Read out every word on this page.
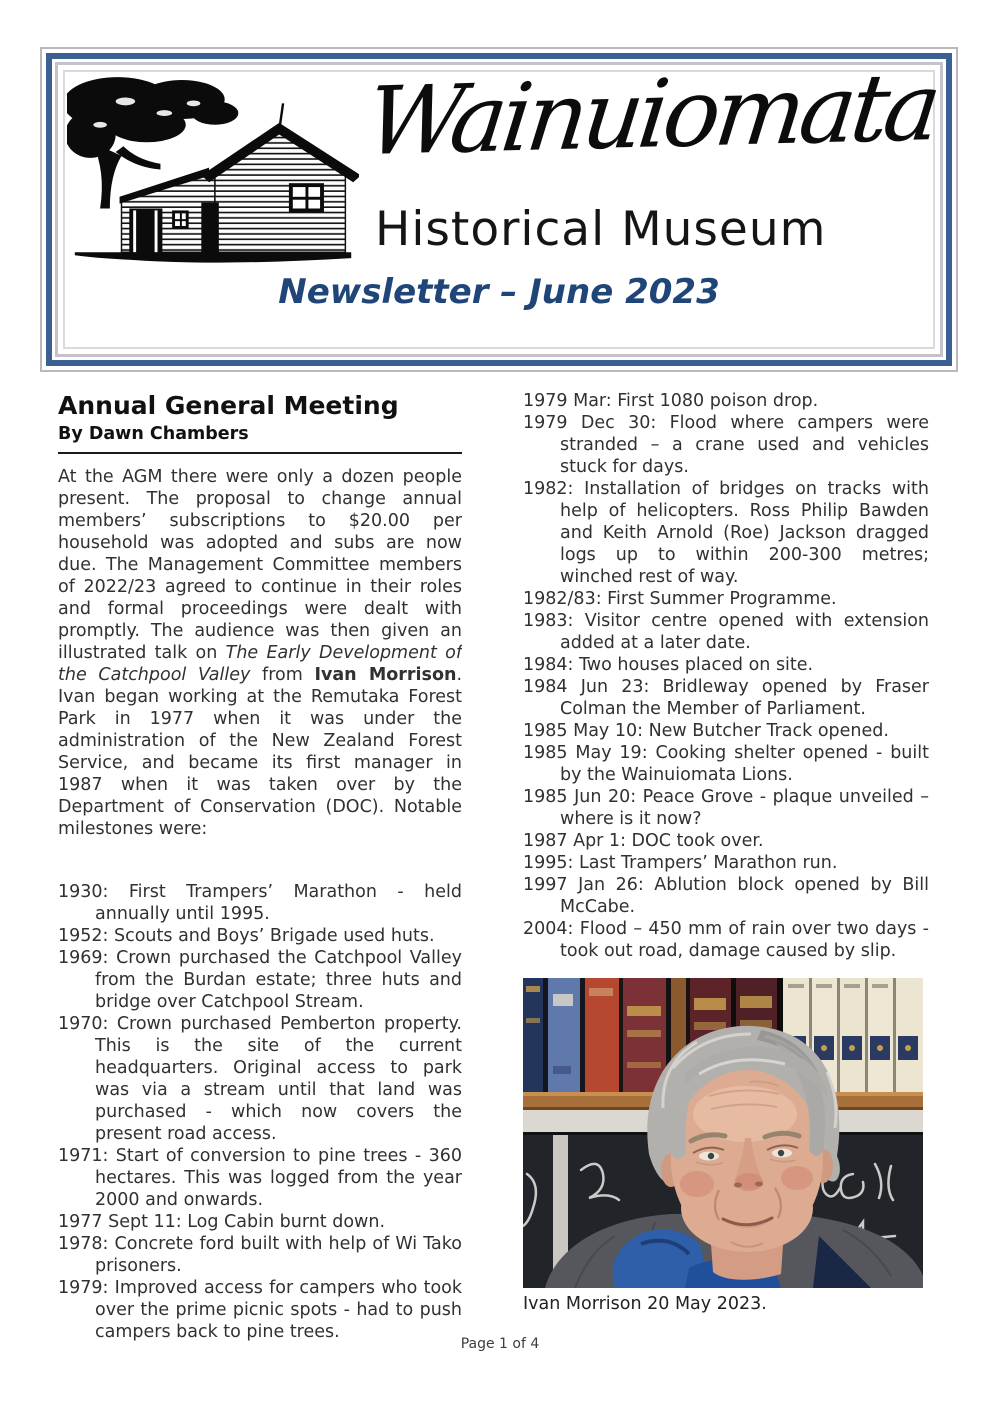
Wainuiomata
Historical Museum
Newsletter – June 2023
Annual General Meeting
By Dawn Chambers

At the AGM there were only a dozen people present. The proposal to change annual members’ subscriptions to $20.00 per household was adopted and subs are now due. The Management Committee members of 2022/23 agreed to continue in their roles and formal proceedings were dealt with promptly. The audience was then given an illustrated talk on The Early Development of the Catchpool Valley from Ivan Morrison. Ivan began working at the Remutaka Forest Park in 1977 when it was under the administration of the New Zealand Forest Service, and became its first manager in 1987 when it was taken over by the Department of Conservation (DOC). Notable milestones were:

1930: First Trampers’ Marathon - held annually until 1995.
1952: Scouts and Boys’ Brigade used huts.
1969: Crown purchased the Catchpool Valley from the Burdan estate; three huts and bridge over Catchpool Stream.
1970: Crown purchased Pemberton property. This is the site of the current headquarters. Original access to park was via a stream until that land was purchased - which now covers the present road access.
1971: Start of conversion to pine trees - 360 hectares. This was logged from the year 2000 and onwards.
1977 Sept 11: Log Cabin burnt down.
1978: Concrete ford built with help of Wi Tako prisoners.
1979: Improved access for campers who took over the prime picnic spots - had to push campers back to pine trees.
1979 Mar: First 1080 poison drop.
1979 Dec 30: Flood where campers were stranded – a crane used and vehicles stuck for days.
1982: Installation of bridges on tracks with help of helicopters. Ross Philip Bawden and Keith Arnold (Roe) Jackson dragged logs up to within 200-300 metres; winched rest of way.
1982/83: First Summer Programme.
1983: Visitor centre opened with extension added at a later date.
1984: Two houses placed on site.
1984 Jun 23: Bridleway opened by Fraser Colman the Member of Parliament.
1985 May 10: New Butcher Track opened.
1985 May 19: Cooking shelter opened - built by the Wainuiomata Lions.
1985 Jun 20: Peace Grove - plaque unveiled – where is it now?
1987 Apr 1: DOC took over.
1995: Last Trampers’ Marathon run.
1997 Jan 26: Ablution block opened by Bill McCabe.
2004: Flood – 450 mm of rain over two days - took out road, damage caused by slip.
Ivan Morrison 20 May 2023.
Page 1 of 4
